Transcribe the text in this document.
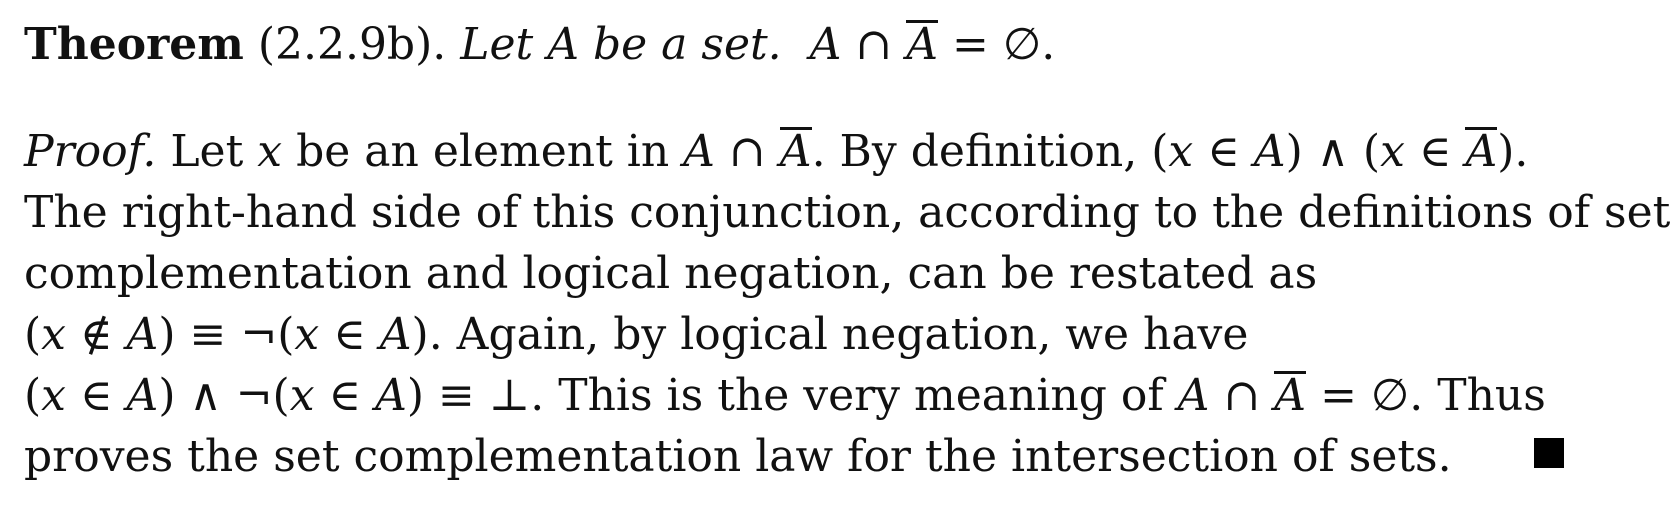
Theorem (2.2.9b). Let A be a set. A ∩ A = ∅.
Proof. Let x be an element in A ∩ A. By definition, (x ∈ A) ∧ (x ∈ A).
The right-hand side of this conjunction, according to the definitions of set
complementation and logical negation, can be restated as
(x ∉ A) ≡ ¬(x ∈ A). Again, by logical negation, we have
(x ∈ A) ∧ ¬(x ∈ A) ≡ ⊥. This is the very meaning of A ∩ A = ∅. Thus
proves the set complementation law for the intersection of sets.
